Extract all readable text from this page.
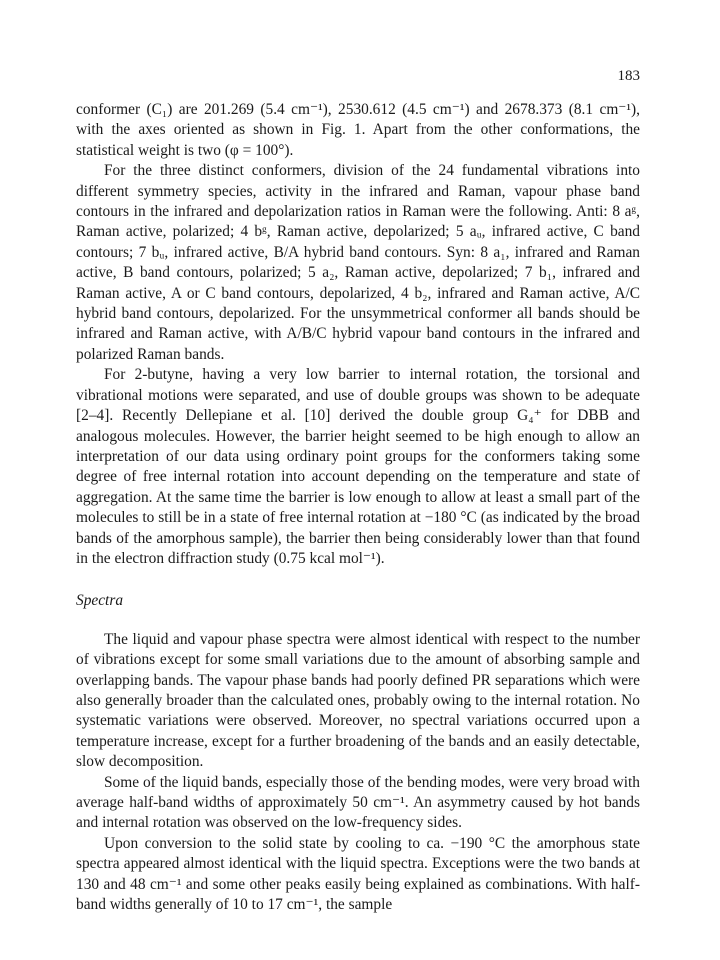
183

conformer (C₁) are 201.269 (5.4 cm⁻¹), 2530.612 (4.5 cm⁻¹) and 2678.373 (8.1 cm⁻¹), with the axes oriented as shown in Fig. 1. Apart from the other conformations, the statistical weight is two (φ = 100°).

For the three distinct conformers, division of the 24 fundamental vibrations into different symmetry species, activity in the infrared and Raman, vapour phase band contours in the infrared and depolarization ratios in Raman were the following. Anti: 8 aᵍ, Raman active, polarized; 4 bᵍ, Raman active, depolarized; 5 aᵤ, infrared active, C band contours; 7 bᵤ, infrared active, B/A hybrid band contours. Syn: 8 a₁, infrared and Raman active, B band contours, polarized; 5 a₂, Raman active, depolarized; 7 b₁, infrared and Raman active, A or C band contours, depolarized, 4 b₂, infrared and Raman active, A/C hybrid band contours, depolarized. For the unsymmetrical conformer all bands should be infrared and Raman active, with A/B/C hybrid vapour band contours in the infrared and polarized Raman bands.

For 2-butyne, having a very low barrier to internal rotation, the torsional and vibrational motions were separated, and use of double groups was shown to be adequate [2–4]. Recently Dellepiane et al. [10] derived the double group G₄⁺ for DBB and analogous molecules. However, the barrier height seemed to be high enough to allow an interpretation of our data using ordinary point groups for the conformers taking some degree of free internal rotation into account depending on the temperature and state of aggregation. At the same time the barrier is low enough to allow at least a small part of the molecules to still be in a state of free internal rotation at −180 °C (as indicated by the broad bands of the amorphous sample), the barrier then being considerably lower than that found in the electron diffraction study (0.75 kcal mol⁻¹).

Spectra

The liquid and vapour phase spectra were almost identical with respect to the number of vibrations except for some small variations due to the amount of absorbing sample and overlapping bands. The vapour phase bands had poorly defined PR separations which were also generally broader than the calculated ones, probably owing to the internal rotation. No systematic variations were observed. Moreover, no spectral variations occurred upon a temperature increase, except for a further broadening of the bands and an easily detectable, slow decomposition.

Some of the liquid bands, especially those of the bending modes, were very broad with average half-band widths of approximately 50 cm⁻¹. An asymmetry caused by hot bands and internal rotation was observed on the low-frequency sides.

Upon conversion to the solid state by cooling to ca. −190 °C the amorphous state spectra appeared almost identical with the liquid spectra. Exceptions were the two bands at 130 and 48 cm⁻¹ and some other peaks easily being explained as combinations. With half-band widths generally of 10 to 17 cm⁻¹, the sample
